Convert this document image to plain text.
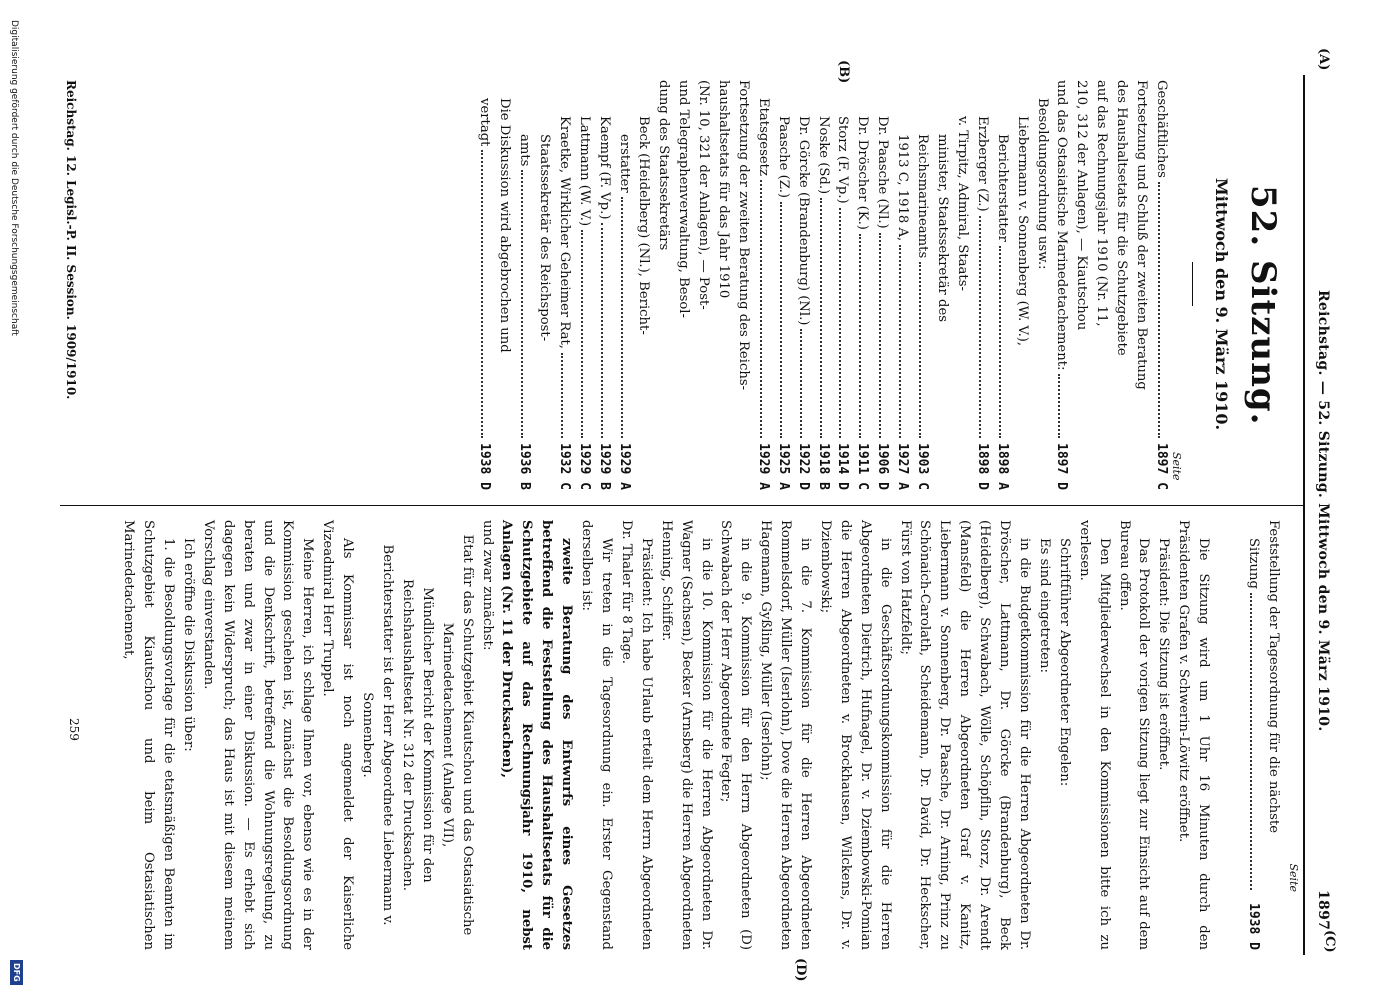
(A)
(C)
Reichstag. — 52. Sitzung. Mittwoch den 9. März 1910.
1897
52. Sitzung.
Mittwoch den 9. März 1910.
Seite
(B)
Geschäftliches
1897 C
Fortsetzung und Schluß der zweiten Beratung
des Haushaltsetats für die Schutzgebiete
auf das Rechnungsjahr 1910 (Nr. 11,
210, 312 der Anlagen), — Kiautschou
und das Ostasiatische Marinedetachement:
1897 D
Besoldungsordnung usw.:
Liebermann v. Sonnenberg (W. V.),
Berichterstatter
1898 A
Erzberger (Z.)
1898 D
v. Tirpitz, Admiral, Staats-
minister, Staatssekretär des
Reichsmarineamts
1903 C
1913 C, 1918 A,
1927 A
Dr. Paasche (Nl.)
1906 D
Dr. Dröscher (K.)
1911 C
Storz (F. Vp.)
1914 D
Noske (Sd.)
1918 B
Dr. Görcke (Brandenburg) (Nl.)
1922 D
Paasche (Z.)
1925 A
Etatsgesetz
1929 A
Fortsetzung der zweiten Beratung des Reichs-
haushaltsetats für das Jahr 1910
(Nr. 10, 321 der Anlagen), — Post-
und Telegraphenverwaltung, Besol-
dung des Staatssekretärs
Beck (Heidelberg) (Nl.), Bericht-
erstatter
1929 A
Kaempf (F. Vp.)
1929 B
Lattmann (W. V.)
1929 C
Kraetke, Wirklicher Geheimer Rat,
1932 C
Staatssekretär des Reichspost-
amts
1936 B
Die Diskussion wird abgebrochen und
vertagt
1938 D
Seite
Feststellung der Tagesordnung für die nächste
Sitzung
1938 D

Die Sitzung wird um 1 Uhr 16 Minuten durch den Präsidenten Grafen v. Schwerin-Löwitz eröffnet.

Präsident: Die Sitzung ist eröffnet.

Das Protokoll der vorigen Sitzung liegt zur Einsicht auf dem Bureau offen.

Den Mitgliederwechsel in den Kommissionen bitte ich zu verlesen.

Schriftführer Abgeordneter Engelen:

Es sind eingetreten:

in die Budgetkommission für die Herren Abgeordneten Dr. Dröscher, Lattmann, Dr. Görcke (Brandenburg), Beck (Heidelberg), Schwabach, Wölle, Schöpflin, Storz, Dr. Arendt (Mansfeld) die Herren Abgeordneten Graf v. Kanitz, Liebermann v. Sonnenberg, Dr. Paasche, Dr. Arning, Prinz zu Schönaich-Carolath, Scheidemann, Dr. David, Dr. Heckscher, Fürst von Hatzfeldt;

in die Geschäftsordnungskommission für die Herren Abgeordneten Dietrich, Hufnagel, Dr. v. Dziembowski-Pomian die Herren Abgeordneten v. Brockhausen, Wilckens, Dr. v. Dziembowski;

in die 7. Kommission für die Herren Abgeordneten Rommelsdorf, Müller (Iserlohn), Dove die Herren Abgeordneten Hagemann, Gyßling, Müller (Iserlohn);

in die 9. Kommission für den Herrn Abgeordneten (D) Schwabach der Herr Abgeordnete Fegter;

in die 10. Kommission für die Herren Abgeordneten Dr. Wagner (Sachsen), Becker (Arnsberg) die Herren Abgeordneten Henning, Schiffer.

Präsident: Ich habe Urlaub erteilt dem Herrn Abgeordneten Dr. Thaler für 8 Tage.

Wir treten in die Tagesordnung ein. Erster Gegenstand derselben ist:

zweite Beratung des Entwurfs eines Gesetzes betreffend die Feststellung des Haushaltsetats für die Schutzgebiete auf das Rechnungsjahr 1910, nebst Anlagen (Nr. 11 der Drucksachen),

und zwar zunächst:

Etat für das Schutzgebiet Kiautschou und das Ostasiatische Marinedetachement (Anlage VII),

Mündlicher Bericht der Kommission für den Reichshaushaltsetat Nr. 312 der Drucksachen.

Berichterstatter ist der Herr Abgeordnete Liebermann v. Sonnenberg.

Als Kommissar ist noch angemeldet der Kaiserliche Vizeadmiral Herr Truppel.

Meine Herren, ich schlage Ihnen vor, ebenso wie es in der Kommission geschehen ist, zunächst die Besoldungsordnung und die Denkschrift, betreffend die Wohnungsregelung, zu beraten und zwar in einer Diskussion. — Es erhebt sich dagegen kein Widerspruch; das Haus ist mit diesem meinem Vorschlag einverstanden.

Ich eröffne die Diskussion über:

1. die Besoldungsvorlage für die etatsmäßigen Beamten im Schutzgebiet Kiautschou und beim Ostasiatischen Marinedetachement,

(D)
Reichstag. 12. Legisl.-P. II. Session. 1909/1910.
259
Digitalisierung gefördert durch die Deutsche Forschungsgemeinschaft
DFG
